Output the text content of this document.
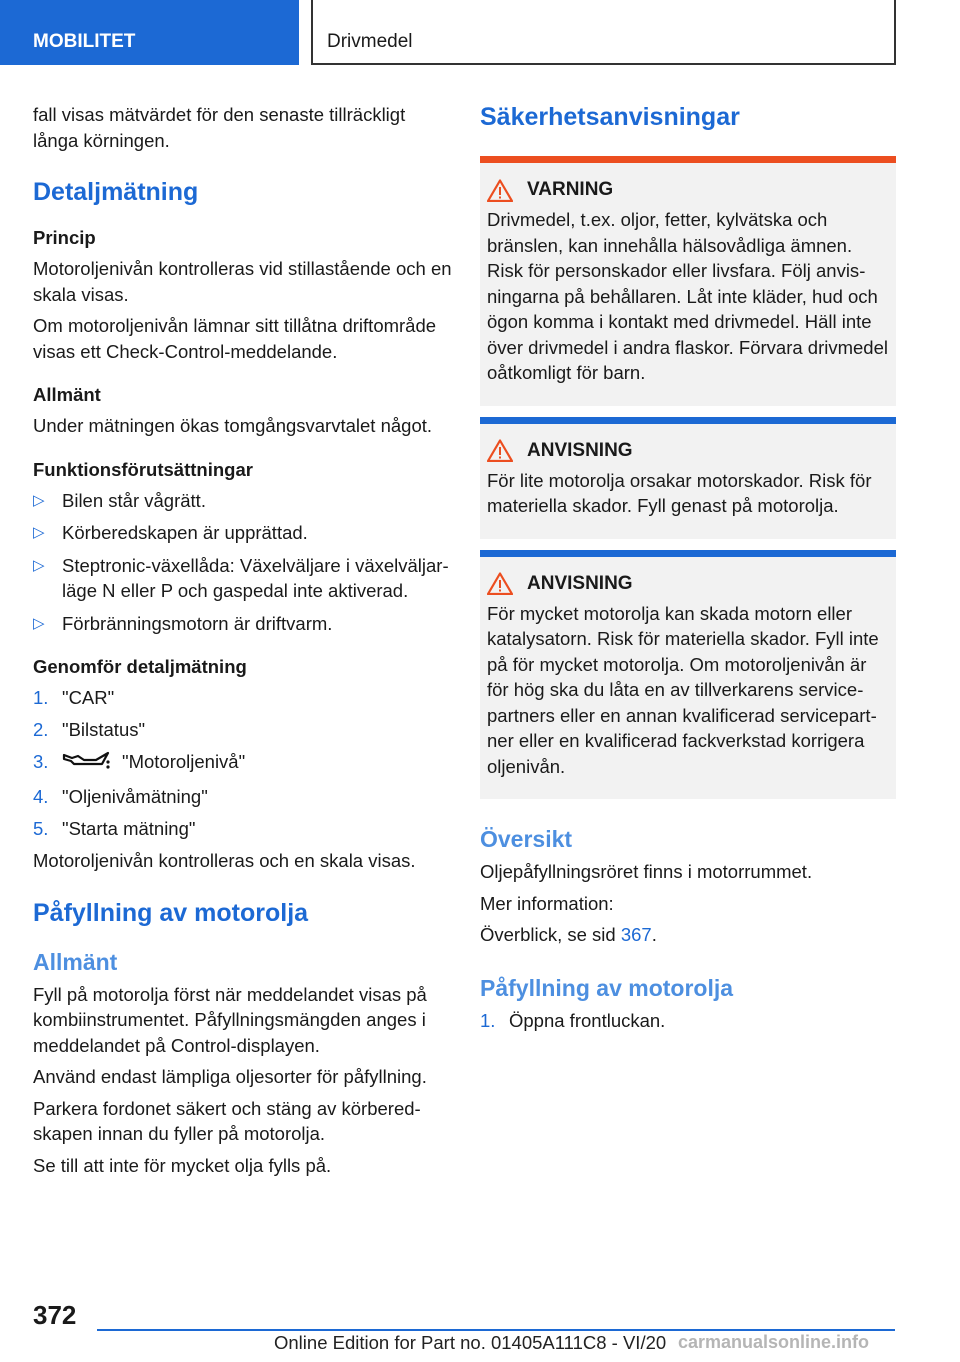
MOBILITET	Drivmedel

fall visas mätvärdet för den senaste tillräckligt långa körningen.

Detaljmätning
Princip

Motoroljenivån kontrolleras vid stillastående och en skala visas.

Om motoroljenivån lämnar sitt tillåtna driftområde visas ett Check-Control-meddelande.

Allmänt

Under mätningen ökas tomgångsvarvtalet något.

Funktionsförutsättningar
▷ Bilen står vågrätt.
▷ Körberedskapen är upprättad.
▷ Steptronic-växellåda: Växelväljare i växelväljarläge N eller P och gaspedal inte aktiverad.
▷ Förbränningsmotorn är driftvarm.
Genomför detaljmätning
1. "CAR"
2. "Bilstatus"
3.	"Motoroljenivå"
4. "Oljenivåmätning"
5. "Starta mätning"

Motoroljenivån kontrolleras och en skala visas.

Påfyllning av motorolja
Allmänt

Fyll på motorolja först när meddelandet visas på kombiinstrumentet. Påfyllningsmängden anges i meddelandet på Control-displayen.

Använd endast lämpliga oljesorter för påfyllning.

Parkera fordonet säkert och stäng av körberedskapen innan du fyller på motorolja.

Se till att inte för mycket olja fylls på.

Säkerhetsanvisningar
VARNING

Drivmedel, t.ex. oljor, fetter, kylvätska och bränslen, kan innehålla hälsovådliga ämnen. Risk för personskador eller livsfara. Följ anvisningarna på behållaren. Låt inte kläder, hud och ögon komma i kontakt med drivmedel. Häll inte över drivmedel i andra flaskor. Förvara drivmedel oåtkomligt för barn.

ANVISNING

För lite motorolja orsakar motorskador. Risk för materiella skador. Fyll genast på motorolja.

ANVISNING

För mycket motorolja kan skada motorn eller katalysatorn. Risk för materiella skador. Fyll inte på för mycket motorolja. Om motoroljenivån är för hög ska du låta en av tillverkarens servicepartners eller en annan kvalificerad servicepartner eller en kvalificerad fackverkstad korrigera oljenivån.

Översikt

Oljepåfyllningsröret finns i motorrummet.

Mer information:

Överblick, se sid 367.

Påfyllning av motorolja
1. Öppna frontluckan.
372
Online Edition for Part no. 01405A111C8 - VI/20 carmanualsonline.info
